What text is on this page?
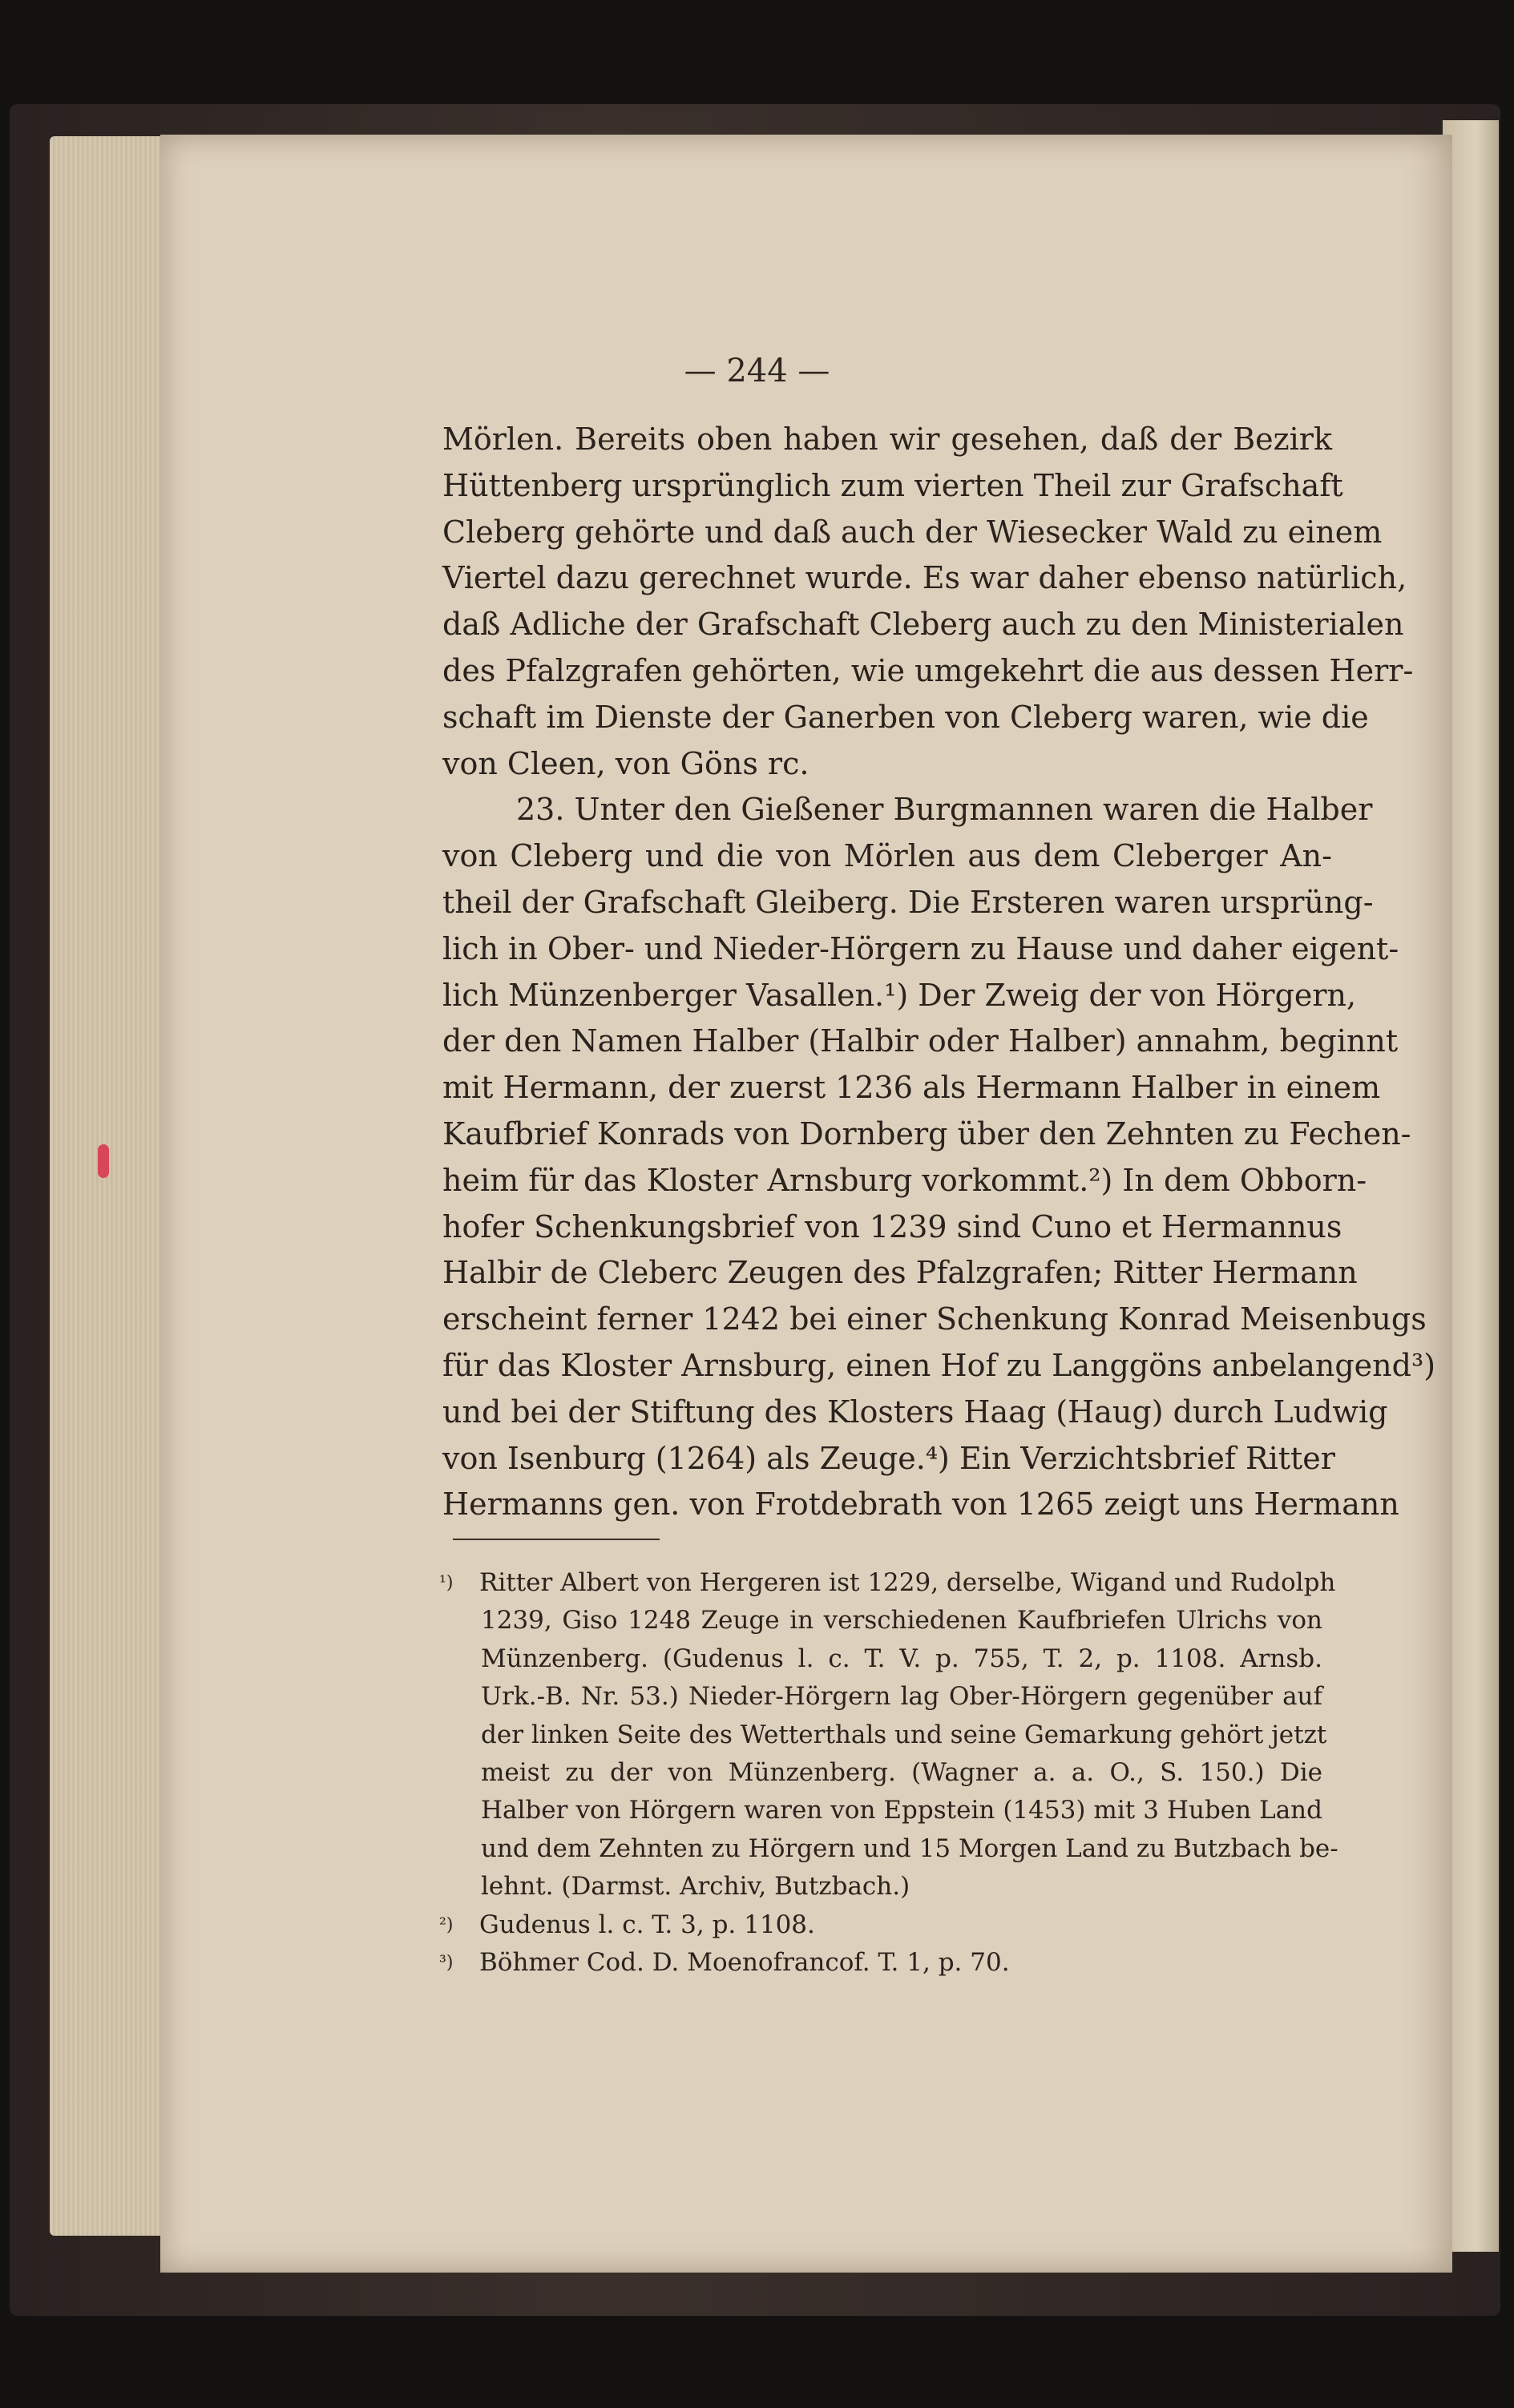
— 244 —
Mörlen. Bereits oben haben wir gesehen, daß der Bezirk
Hüttenberg ursprünglich zum vierten Theil zur Grafschaft
Cleberg gehörte und daß auch der Wiesecker Wald zu einem
Viertel dazu gerechnet wurde. Es war daher ebenso natürlich,
daß Adliche der Grafschaft Cleberg auch zu den Ministerialen
des Pfalzgrafen gehörten, wie umgekehrt die aus dessen Herr-
schaft im Dienste der Ganerben von Cleberg waren, wie die
von Cleen, von Göns rc.
23. Unter den Gießener Burgmannen waren die Halber
von Cleberg und die von Mörlen aus dem Cleberger An-
theil der Grafschaft Gleiberg. Die Ersteren waren ursprüng-
lich in Ober- und Nieder-Hörgern zu Hause und daher eigent-
lich Münzenberger Vasallen.¹) Der Zweig der von Hörgern,
der den Namen Halber (Halbir oder Halber) annahm, beginnt
mit Hermann, der zuerst 1236 als Hermann Halber in einem
Kaufbrief Konrads von Dornberg über den Zehnten zu Fechen-
heim für das Kloster Arnsburg vorkommt.²) In dem Obborn-
hofer Schenkungsbrief von 1239 sind Cuno et Hermannus
Halbir de Cleberc Zeugen des Pfalzgrafen; Ritter Hermann
erscheint ferner 1242 bei einer Schenkung Konrad Meisenbugs
für das Kloster Arnsburg, einen Hof zu Langgöns anbelangend³)
und bei der Stiftung des Klosters Haag (Haug) durch Ludwig
von Isenburg (1264) als Zeuge.⁴) Ein Verzichtsbrief Ritter
Hermanns gen. von Frotdebrath von 1265 zeigt uns Hermann
¹) Ritter Albert von Hergeren ist 1229, derselbe, Wigand und Rudolph
1239, Giso 1248 Zeuge in verschiedenen Kaufbriefen Ulrichs von
Münzenberg. (Gudenus l. c. T. V. p. 755, T. 2, p. 1108. Arnsb.
Urk.-B. Nr. 53.) Nieder-Hörgern lag Ober-Hörgern gegenüber auf
der linken Seite des Wetterthals und seine Gemarkung gehört jetzt
meist zu der von Münzenberg. (Wagner a. a. O., S. 150.) Die
Halber von Hörgern waren von Eppstein (1453) mit 3 Huben Land
und dem Zehnten zu Hörgern und 15 Morgen Land zu Butzbach be-
lehnt. (Darmst. Archiv, Butzbach.)
²) Gudenus l. c. T. 3, p. 1108.
³) Böhmer Cod. D. Moenofrancof. T. 1, p. 70.
